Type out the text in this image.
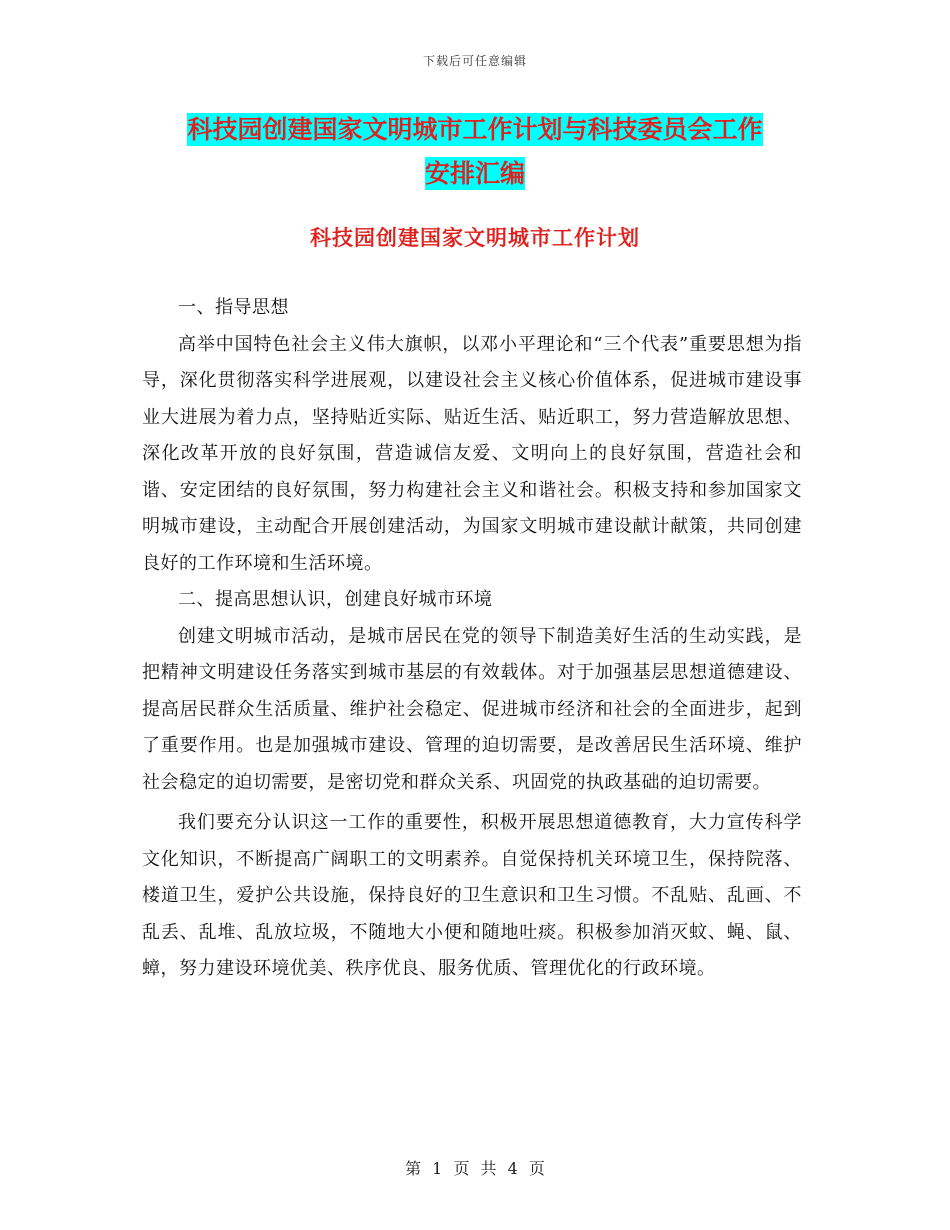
下载后可任意编辑
科技园创建国家文明城市工作计划与科技委员会工作
安排汇编
科技园创建国家文明城市工作计划

一、指导思想

高举中国特色社会主义伟大旗帜，以邓小平理论和“三个代表”重要思想为指导，深化贯彻落实科学进展观，以建设社会主义核心价值体系，促进城市建设事业大进展为着力点，坚持贴近实际、贴近生活、贴近职工，努力营造解放思想、深化改革开放的良好氛围，营造诚信友爱、文明向上的良好氛围，营造社会和谐、安定团结的良好氛围，努力构建社会主义和谐社会。积极支持和参加国家文明城市建设，主动配合开展创建活动，为国家文明城市建设献计献策，共同创建良好的工作环境和生活环境。

二、提高思想认识，创建良好城市环境

创建文明城市活动，是城市居民在党的领导下制造美好生活的生动实践，是把精神文明建设任务落实到城市基层的有效载体。对于加强基层思想道德建设、提高居民群众生活质量、维护社会稳定、促进城市经济和社会的全面进步，起到了重要作用。也是加强城市建设、管理的迫切需要，是改善居民生活环境、维护社会稳定的迫切需要，是密切党和群众关系、巩固党的执政基础的迫切需要。

我们要充分认识这一工作的重要性，积极开展思想道德教育，大力宣传科学文化知识，不断提高广阔职工的文明素养。自觉保持机关环境卫生，保持院落、楼道卫生，爱护公共设施，保持良好的卫生意识和卫生习惯。不乱贴、乱画、不乱丢、乱堆、乱放垃圾，不随地大小便和随地吐痰。积极参加消灭蚊、蝇、鼠、蟑，努力建设环境优美、秩序优良、服务优质、管理优化的行政环境。

第 1 页 共 4 页
